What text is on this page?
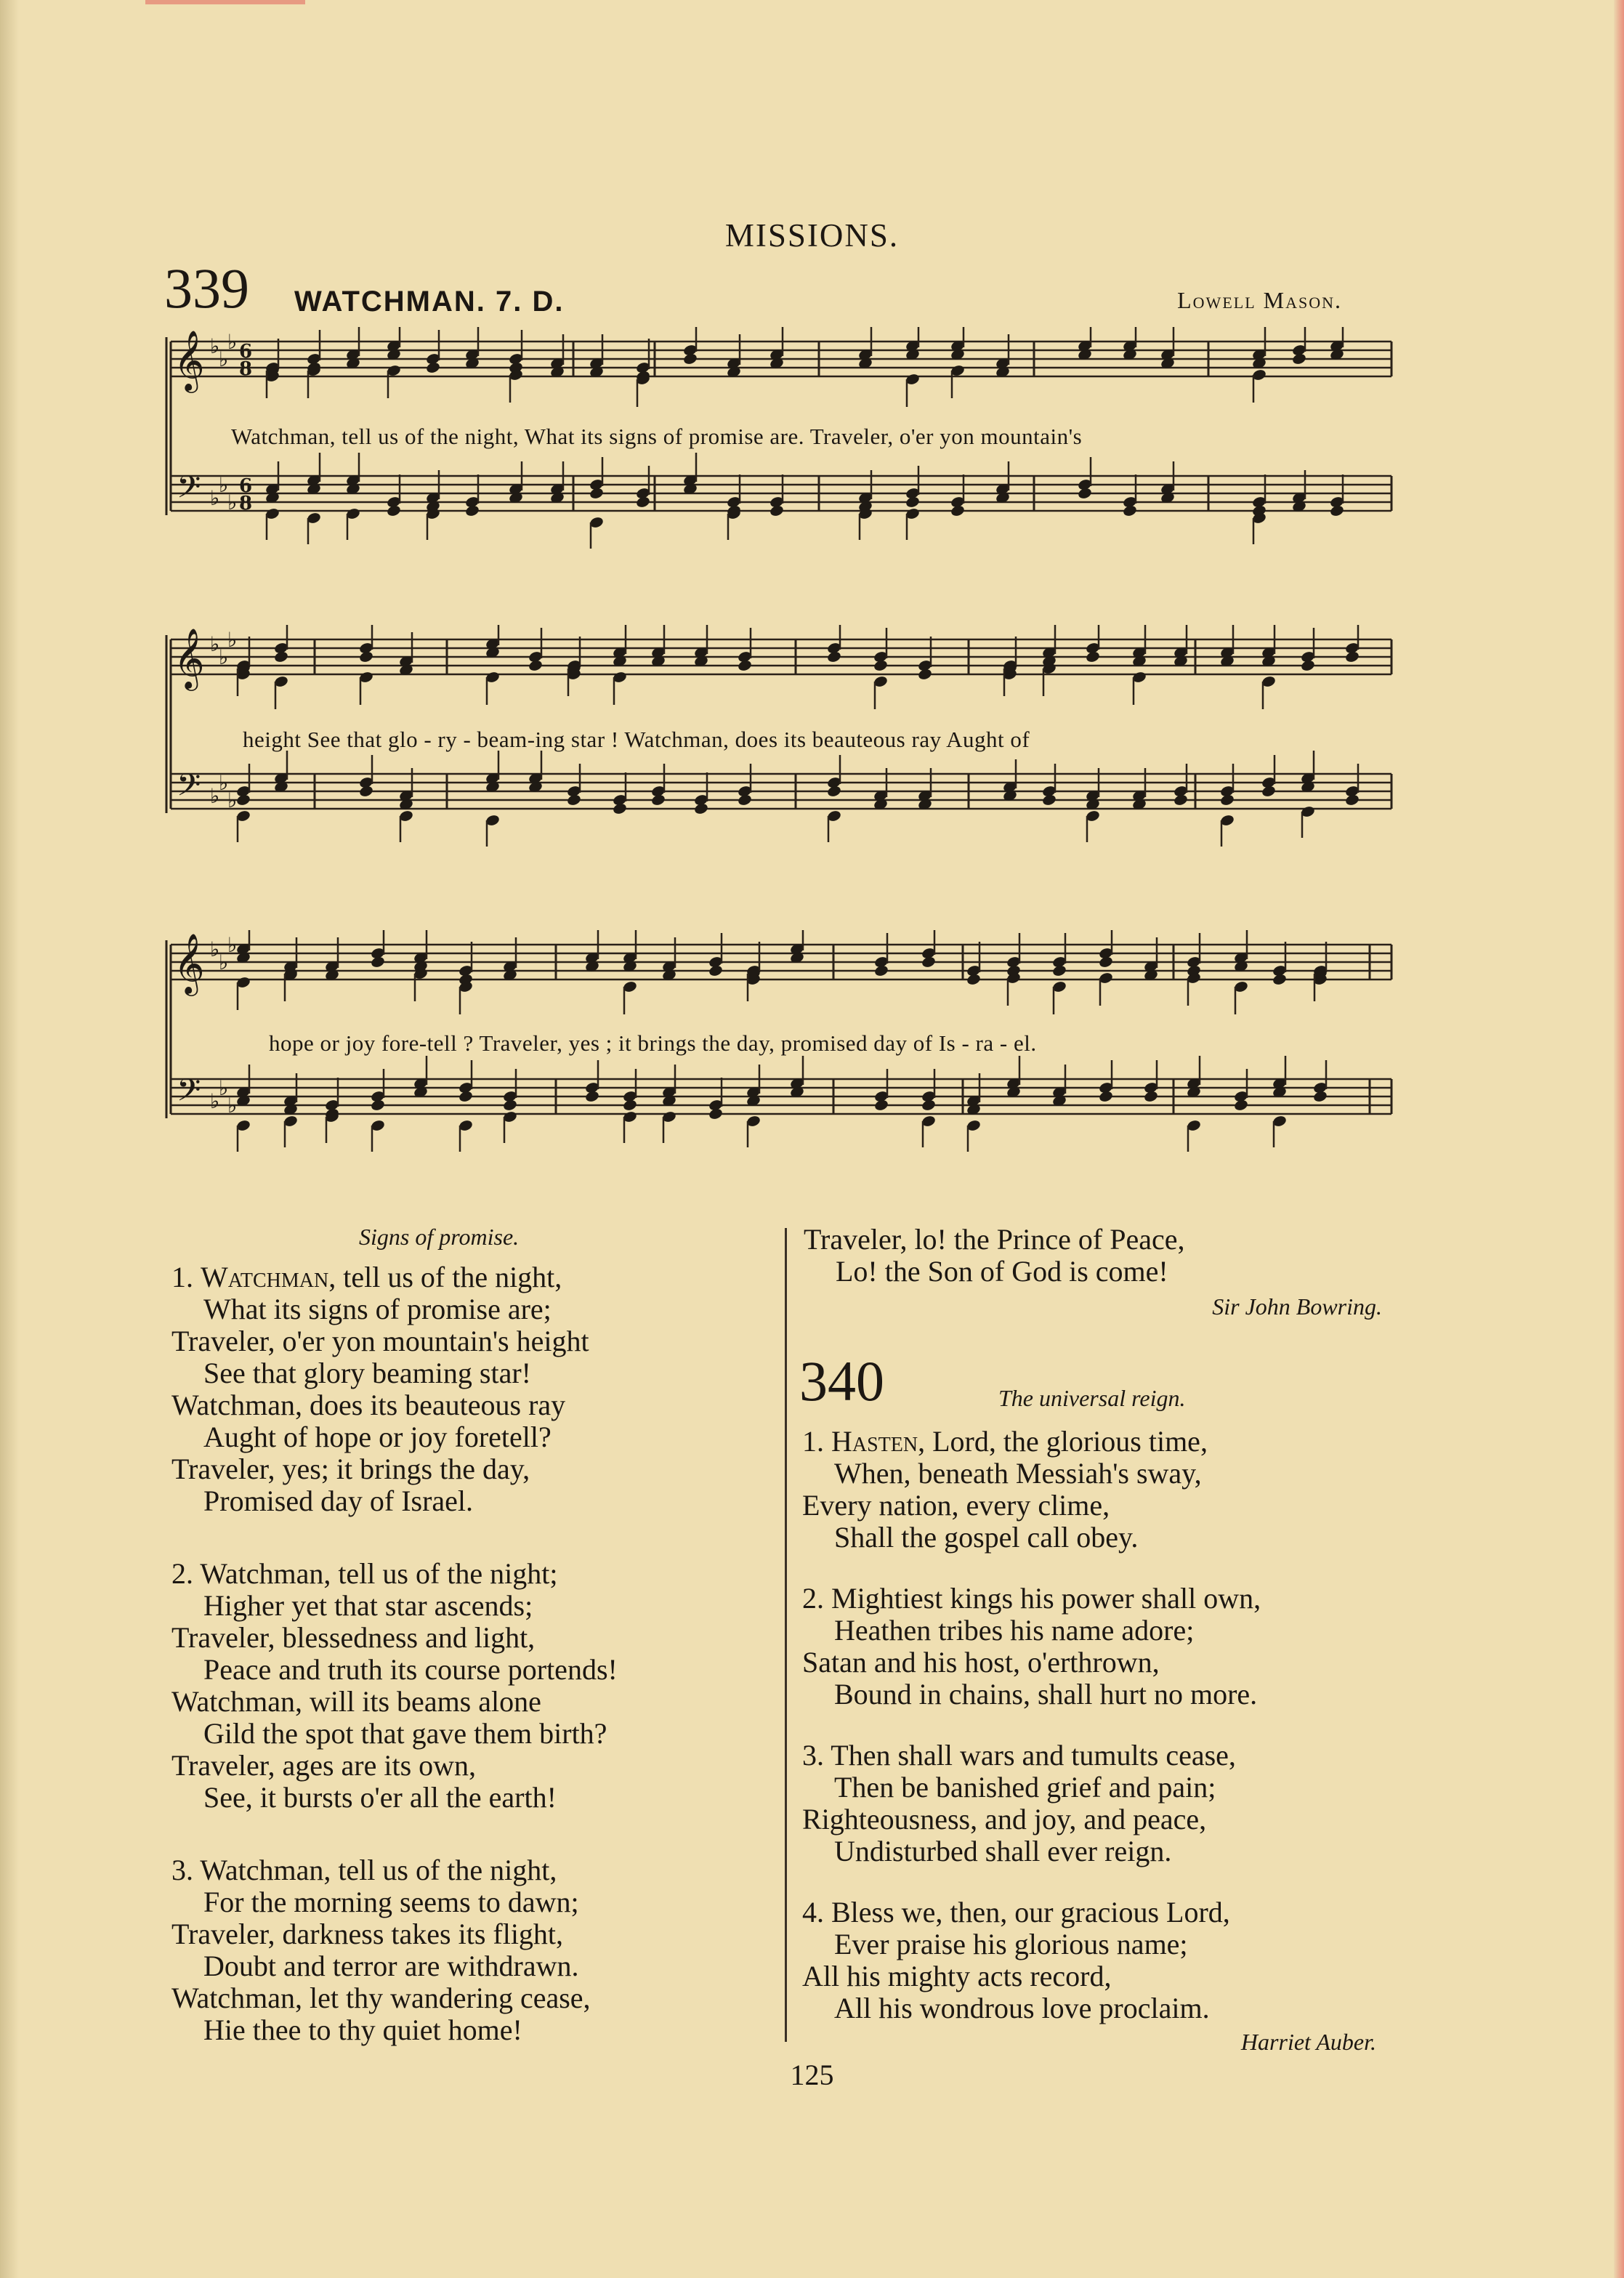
MISSIONS.
339 WATCHMAN. 7. D.	Lowell Mason.
𝄞
𝄢
♭
♭
♭
♭
♭
♭
6
8
6
8
Watchman, tell us of the night, What its signs of promise are. Traveler, o'er yon mountain's
𝄞
𝄢
♭
♭
♭
♭
♭
♭
height See that glo - ry - beam-ing star ! Watchman, does its beauteous ray Aught of
𝄞
𝄢
♭
♭
♭
♭
♭
♭
hope or joy fore-tell ? Traveler, yes ; it brings the day, promised day of Is - ra - el.
Signs of promise.
1. Watchman, tell us of the night,
What its signs of promise are;
Traveler, o'er yon mountain's height
See that glory beaming star!
Watchman, does its beauteous ray
Aught of hope or joy foretell?
Traveler, yes; it brings the day,
Promised day of Israel.
2. Watchman, tell us of the night;
Higher yet that star ascends;
Traveler, blessedness and light,
Peace and truth its course portends!
Watchman, will its beams alone
Gild the spot that gave them birth?
Traveler, ages are its own,
See, it bursts o'er all the earth!
3. Watchman, tell us of the night,
For the morning seems to dawn;
Traveler, darkness takes its flight,
Doubt and terror are withdrawn.
Watchman, let thy wandering cease,
Hie thee to thy quiet home!
Traveler, lo! the Prince of Peace,
Lo! the Son of God is come!
Sir John Bowring.
340	The universal reign.
1. Hasten, Lord, the glorious time,
When, beneath Messiah's sway,
Every nation, every clime,
Shall the gospel call obey.
2. Mightiest kings his power shall own,
Heathen tribes his name adore;
Satan and his host, o'erthrown,
Bound in chains, shall hurt no more.
3. Then shall wars and tumults cease,
Then be banished grief and pain;
Righteousness, and joy, and peace,
Undisturbed shall ever reign.
4. Bless we, then, our gracious Lord,
Ever praise his glorious name;
All his mighty acts record,
All his wondrous love proclaim.
Harriet Auber.
125
